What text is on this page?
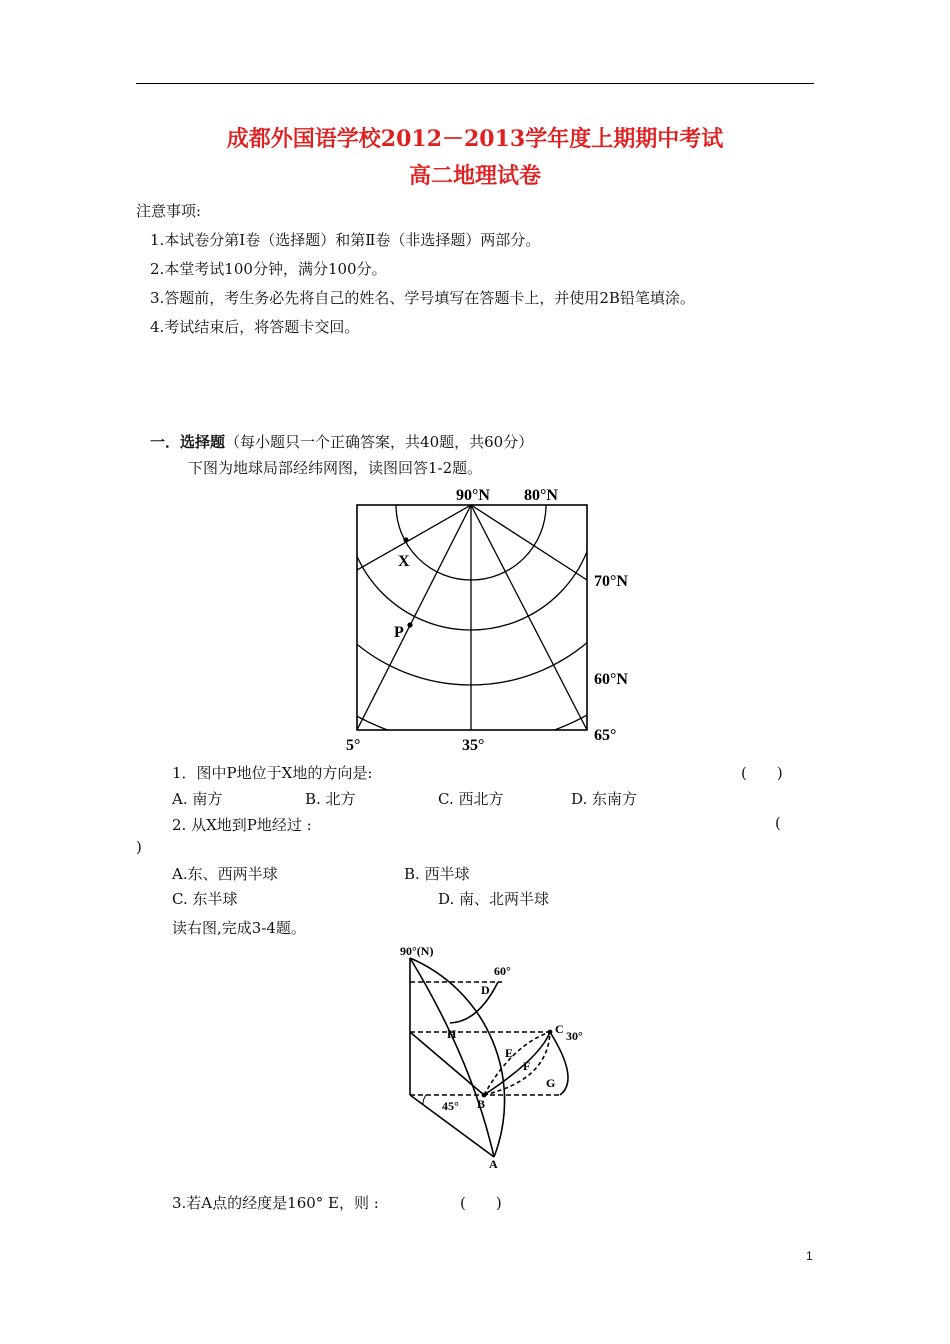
成都外国语学校2012－2013学年度上期期中考试
高二地理试卷
注意事项:
1.本试卷分第Ⅰ卷（选择题）和第Ⅱ卷（非选择题）两部分。
2.本堂考试100分钟，满分100分。
3.答题前，考生务必先将自己的姓名、学号填写在答题卡上，并使用2B铅笔填涂。
4.考试结束后，将答题卡交回。
一．选择题（每小题只一个正确答案，共40题，共60分）
下图为地球局部经纬网图，读图回答1-2题。
90°N 80°N
70°N
60°N
5°	35°
65°
X
P
1．图中P地位于X地的方向是:	(　　)
A. 南方	B. 北方	C. 西北方	D. 东南方
2. 从X地到P地经过 :	(
)
A.东、西两半球	B. 西半球
C. 东半球	D. 南、北两半球
读右图,完成3-4题。
90°(N)
60°
30°
45°
A
B
C
D
E
F
G
H
3.若A点的经度是160° E，则 :	(　　)
1
